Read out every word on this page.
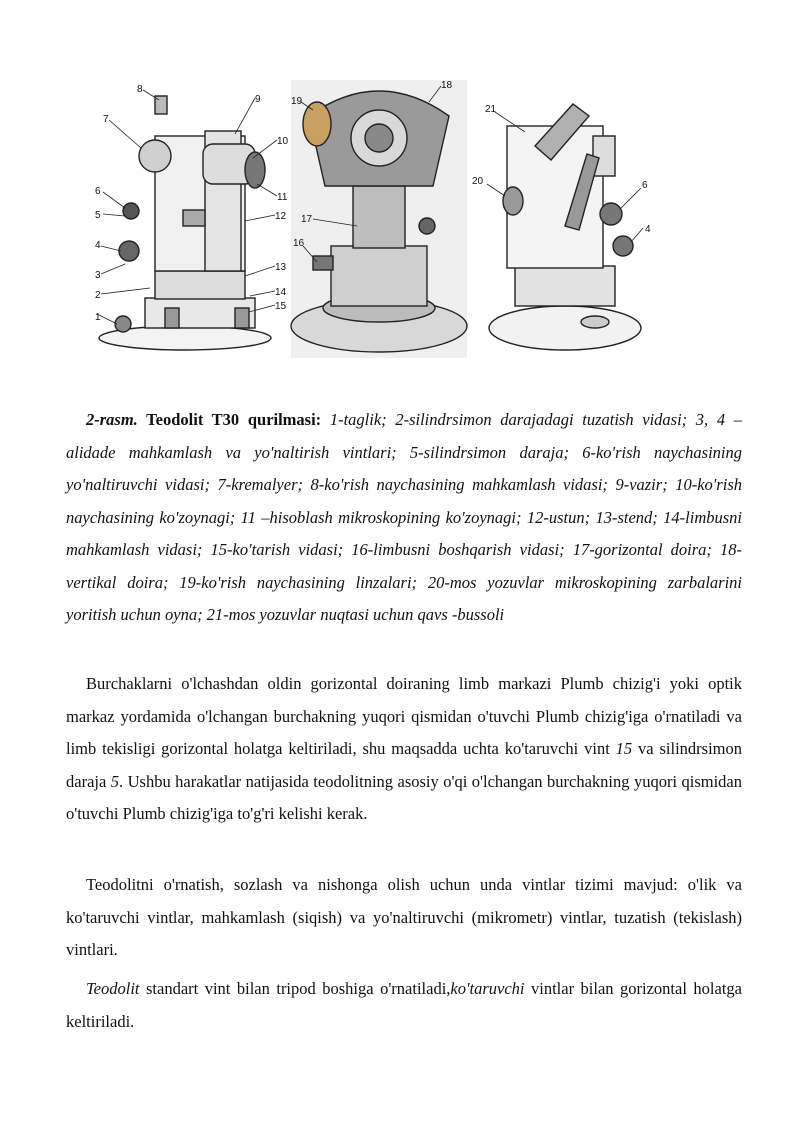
1
2
3
4
5
6
7
8
9
10
11
12
13
14
15
16
17
18
19
20
21
6
4
2-rasm. Teodolit T30 qurilmasi: 1-taglik; 2-silindrsimon darajadagi tuzatish vidasi; 3, 4 – alidade mahkamlash va yo'naltirish vintlari; 5-silindrsimon daraja; 6-ko'rish naychasining yo'naltiruvchi vidasi; 7-kremalyer; 8-ko'rish naychasining mahkamlash vidasi; 9-vazir; 10-ko'rish naychasining ko'zoynagi; 11 –hisoblash mikroskopining ko'zoynagi; 12-ustun; 13-stend; 14-limbusni mahkamlash vidasi; 15-ko'tarish vidasi; 16-limbusni boshqarish vidasi; 17-gorizontal doira; 18-vertikal doira; 19-ko'rish naychasining linzalari; 20-mos yozuvlar mikroskopining zarbalarini yoritish uchun oyna; 21-mos yozuvlar nuqtasi uchun qavs -bussoli

Burchaklarni o'lchashdan oldin gorizontal doiraning limb markazi Plumb chizig'i yoki optik markaz yordamida o'lchangan burchakning yuqori qismidan o'tuvchi Plumb chizig'iga o'rnatiladi va limb tekisligi gorizontal holatga keltiriladi, shu maqsadda uchta ko'taruvchi vint 15 va silindrsimon daraja 5. Ushbu harakatlar natijasida teodolitning asosiy o'qi o'lchangan burchakning yuqori qismidan o'tuvchi Plumb chizig'iga to'g'ri kelishi kerak.

Teodolitni o'rnatish, sozlash va nishonga olish uchun unda vintlar tizimi mavjud: o'lik va ko'taruvchi vintlar, mahkamlash (siqish) va yo'naltiruvchi (mikrometr) vintlar, tuzatish (tekislash) vintlari.

Teodolit standart vint bilan tripod boshiga o'rnatiladi,ko'taruvchi vintlar bilan gorizontal holatga keltiriladi.
